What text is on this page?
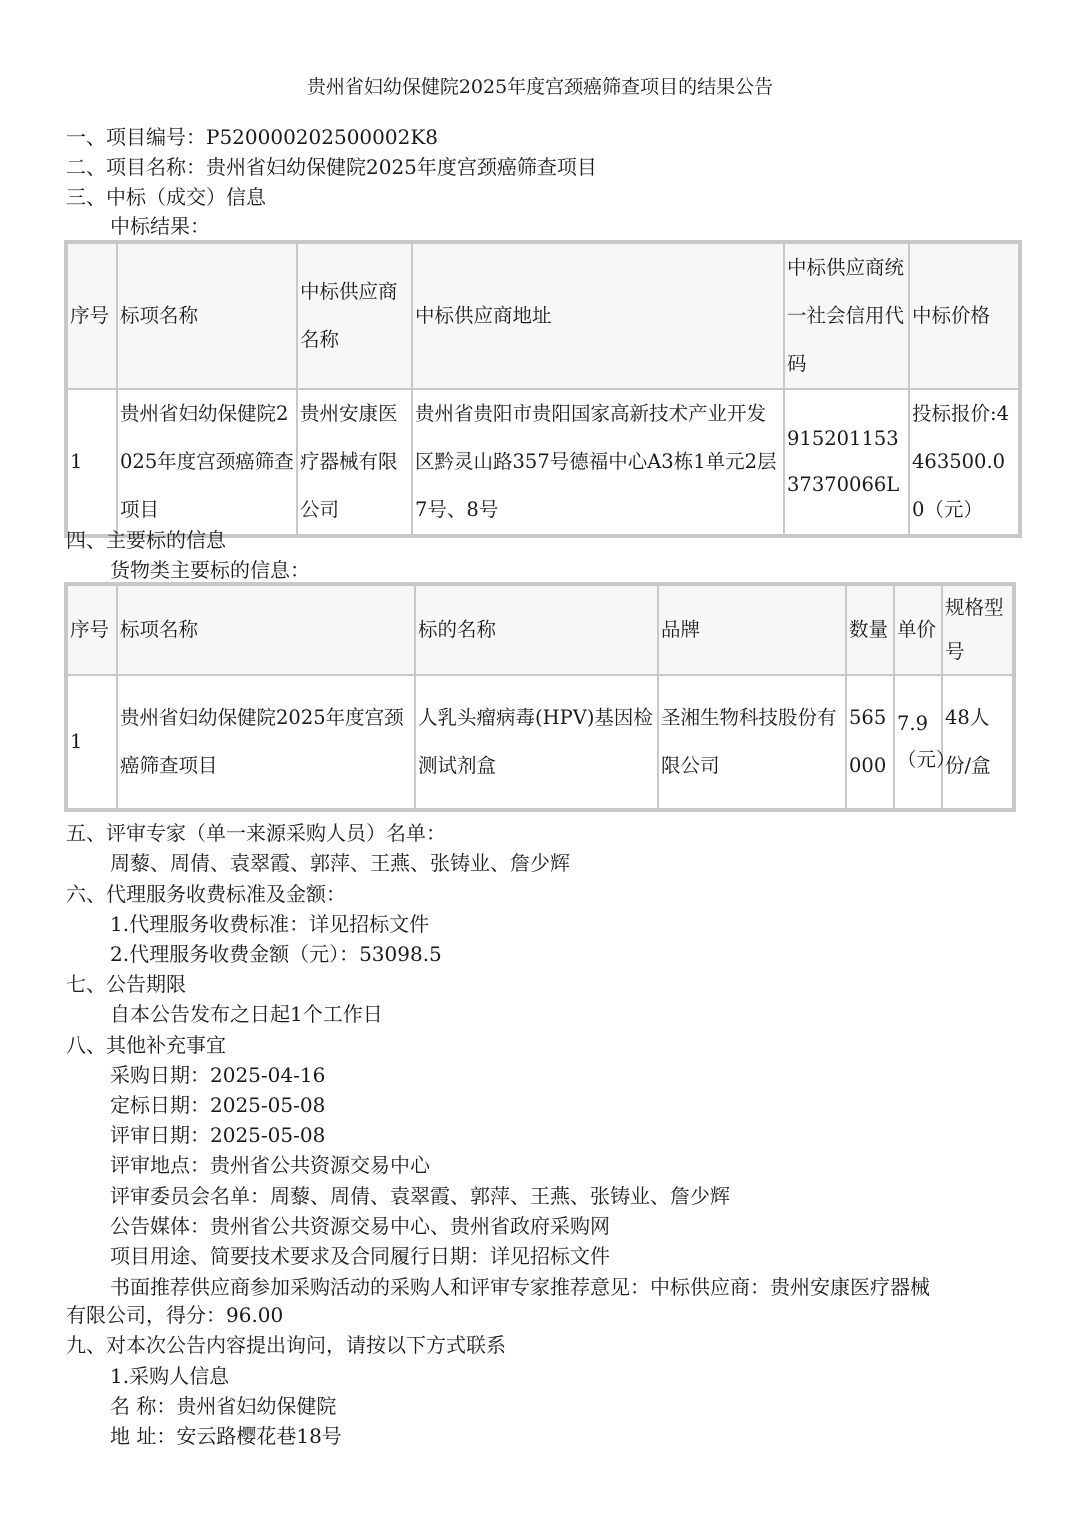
贵州省妇幼保健院2025年度宫颈癌筛查项目的结果公告
一、项目编号：P520000202500002K8
二、项目名称：贵州省妇幼保健院2025年度宫颈癌筛查项目
三、中标（成交）信息
中标结果：
序号	标项名称	中标供应商名称	中标供应商地址	中标供应商统一社会信用代码	中标价格
1	贵州省妇幼保健院2025年度宫颈癌筛查项目	贵州安康医疗器械有限公司	贵州省贵阳市贵阳国家高新技术产业开发区黔灵山路357号德福中心A3栋1单元2层7号、8号	91520115337370066L	投标报价:4463500.00（元）
四、主要标的信息
货物类主要标的信息：
序号	标项名称	标的名称	品牌	数量	单价	规格型号
1	贵州省妇幼保健院2025年度宫颈癌筛查项目	人乳头瘤病毒(HPV)基因检测试剂盒	圣湘生物科技股份有限公司	565000	7.9（元）	48人份/盒
五、评审专家（单一来源采购人员）名单：
周藜、周倩、袁翠霞、郭萍、王燕、张铸业、詹少辉
六、代理服务收费标准及金额：
1.代理服务收费标准：详见招标文件
2.代理服务收费金额（元）：53098.5
七、公告期限
自本公告发布之日起1个工作日
八、其他补充事宜
采购日期：2025-04-16
定标日期：2025-05-08
评审日期：2025-05-08
评审地点：贵州省公共资源交易中心
评审委员会名单：周藜、周倩、袁翠霞、郭萍、王燕、张铸业、詹少辉
公告媒体：贵州省公共资源交易中心、贵州省政府采购网
项目用途、简要技术要求及合同履行日期：详见招标文件
书面推荐供应商参加采购活动的采购人和评审专家推荐意见：中标供应商：贵州安康医疗器械
有限公司，得分：96.00
九、对本次公告内容提出询问，请按以下方式联系
1.采购人信息
名 称：贵州省妇幼保健院
地 址：安云路樱花巷18号
